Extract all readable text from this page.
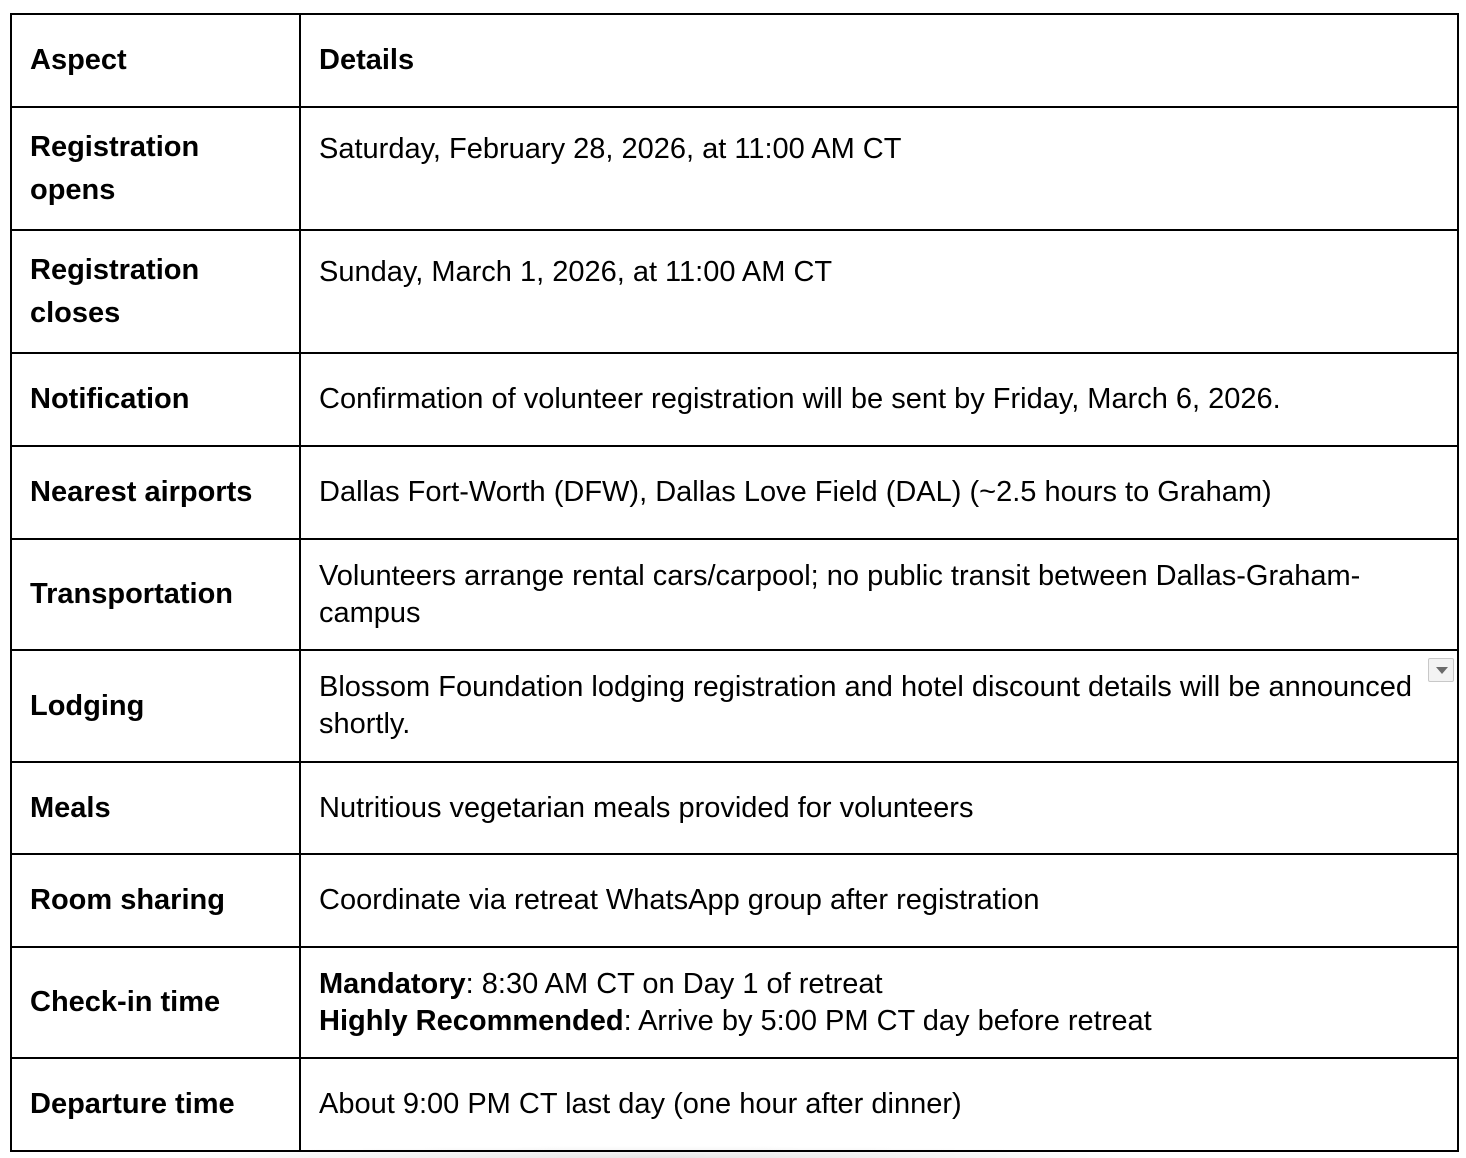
Aspect	Details
Registration opens	Saturday, February 28, 2026, at 11:00 AM CT
Registration closes	Sunday, March 1, 2026, at 11:00 AM CT
Notification	Confirmation of volunteer registration will be sent by Friday, March 6, 2026.
Nearest airports	Dallas Fort-Worth (DFW), Dallas Love Field (DAL) (~2.5 hours to Graham)
Transportation	Volunteers arrange rental cars/carpool; no public transit between Dallas-Graham-campus
Lodging	Blossom Foundation lodging registration and hotel discount details will be announced shortly.

Meals	Nutritious vegetarian meals provided for volunteers
Room sharing	Coordinate via retreat WhatsApp group after registration
Check-in time	Mandatory: 8:30 AM CT on Day 1 of retreat
Highly Recommended: Arrive by 5:00 PM CT day before retreat

Departure time	About 9:00 PM CT last day (one hour after dinner)
